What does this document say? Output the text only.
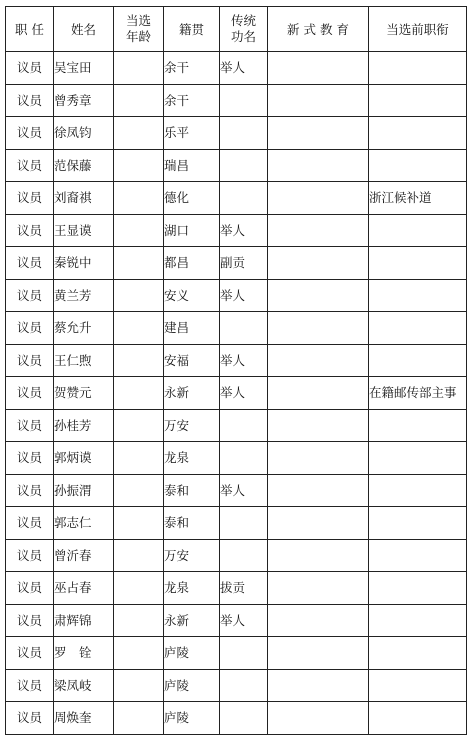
职 任	姓名	当选年龄	籍贯	传统功名	新 式 教 育	当选前职衔
议员	吴宝田		余干	举人		
议员	曾秀章		余干			
议员	徐凤钧		乐平			
议员	范保藤		瑞昌			
议员	刘裔祺		德化			浙江候补道
议员	王显谟		湖口	举人		
议员	秦锐中		都昌	副贡		
议员	黄兰芳		安义	举人		
议员	蔡允升		建昌			
议员	王仁煦		安福	举人		
议员	贺赞元		永新	举人		在籍邮传部主事
议员	孙桂芳		万安			
议员	郭炳谟		龙泉			
议员	孙振渭		泰和	举人		
议员	郭志仁		泰和			
议员	曾沂春		万安			
议员	巫占春		龙泉	拔贡		
议员	肃辉锦		永新	举人		
议员	罗　铨		庐陵			
议员	梁凤岐		庐陵			
议员	周焕奎		庐陵			
